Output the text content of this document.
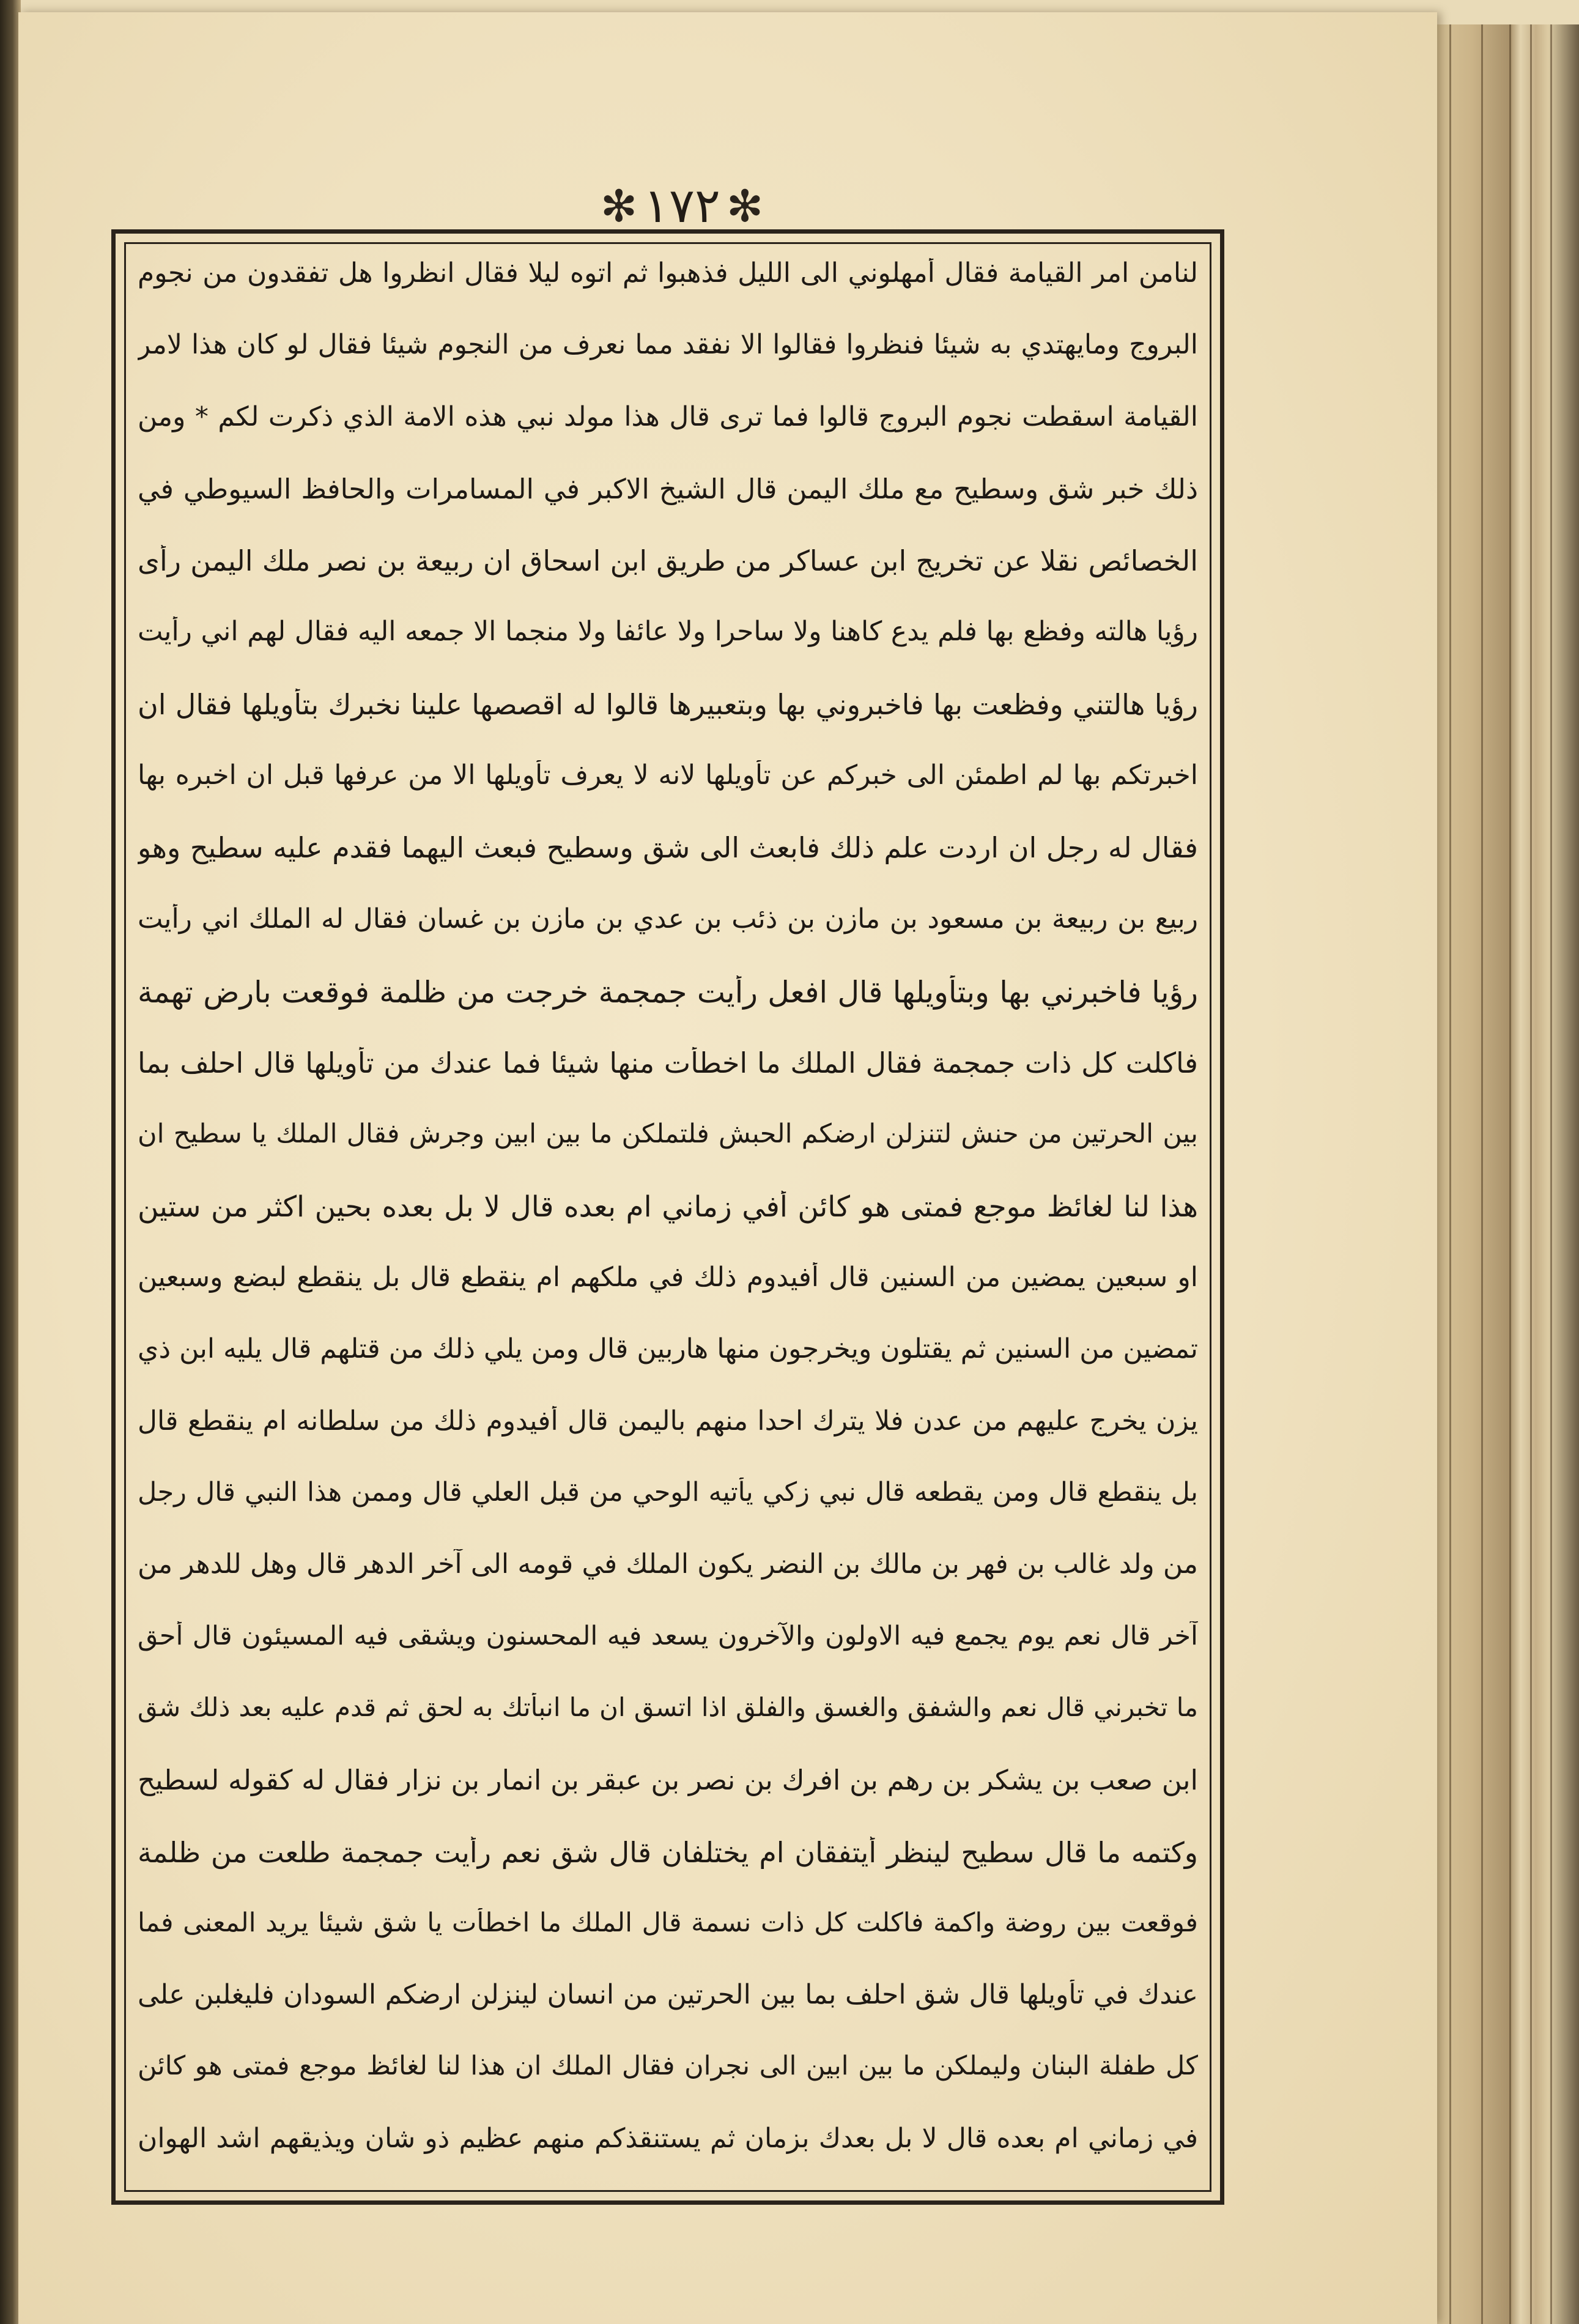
✻
١٧٢
✻
لنامن امر القيامة فقال أمهلوني الى الليل فذهبوا ثم اتوه ليلا فقال انظروا هل تفقدون من نجوم
البروج ومايهتدي به شيئا فنظروا فقالوا الا نفقد مما نعرف من النجوم شيئا فقال لو كان هذا لامر
القيامة اسقطت نجوم البروج قالوا فما ترى قال هذا مولد نبي هذه الامة الذي ذكرت لكم * ومن
ذلك خبر شق وسطيح مع ملك اليمن قال الشيخ الاكبر في المسامرات والحافظ السيوطي في
الخصائص نقلا عن تخريج ابن عساكر من طريق ابن اسحاق ان ربيعة بن نصر ملك اليمن رأى
رؤيا هالته وفظع بها فلم يدع كاهنا ولا ساحرا ولا عائفا ولا منجما الا جمعه اليه فقال لهم اني رأيت
رؤيا هالتني وفظعت بها فاخبروني بها وبتعبيرها قالوا له اقصصها علينا نخبرك بتأويلها فقال ان
اخبرتكم بها لم اطمئن الى خبركم عن تأويلها لانه لا يعرف تأويلها الا من عرفها قبل ان اخبره بها
فقال له رجل ان اردت علم ذلك فابعث الى شق وسطيح فبعث اليهما فقدم عليه سطيح وهو
ربيع بن ربيعة بن مسعود بن مازن بن ذئب بن عدي بن مازن بن غسان فقال له الملك اني رأيت
رؤيا فاخبرني بها وبتأويلها قال افعل رأيت جمجمة خرجت من ظلمة فوقعت بارض تهمة
فاكلت كل ذات جمجمة فقال الملك ما اخطأت منها شيئا فما عندك من تأويلها قال احلف بما
بين الحرتين من حنش لتنزلن ارضكم الحبش فلتملكن ما بين ابين وجرش فقال الملك يا سطيح ان
هذا لنا لغائظ موجع فمتى هو كائن أفي زماني ام بعده قال لا بل بعده بحين اكثر من ستين
او سبعين يمضين من السنين قال أفيدوم ذلك في ملكهم ام ينقطع قال بل ينقطع لبضع وسبعين
تمضين من السنين ثم يقتلون ويخرجون منها هاربين قال ومن يلي ذلك من قتلهم قال يليه ابن ذي
يزن يخرج عليهم من عدن فلا يترك احدا منهم باليمن قال أفيدوم ذلك من سلطانه ام ينقطع قال
بل ينقطع قال ومن يقطعه قال نبي زكي يأتيه الوحي من قبل العلي قال وممن هذا النبي قال رجل
من ولد غالب بن فهر بن مالك بن النضر يكون الملك في قومه الى آخر الدهر قال وهل للدهر من
آخر قال نعم يوم يجمع فيه الاولون والآخرون يسعد فيه المحسنون ويشقى فيه المسيئون قال أحق
ما تخبرني قال نعم والشفق والغسق والفلق اذا اتسق ان ما انبأتك به لحق ثم قدم عليه بعد ذلك شق
ابن صعب بن يشكر بن رهم بن افرك بن نصر بن عبقر بن انمار بن نزار فقال له كقوله لسطيح
وكتمه ما قال سطيح لينظر أيتفقان ام يختلفان قال شق نعم رأيت جمجمة طلعت من ظلمة
فوقعت بين روضة واكمة فاكلت كل ذات نسمة قال الملك ما اخطأت يا شق شيئا يريد المعنى فما
عندك في تأويلها قال شق احلف بما بين الحرتين من انسان لينزلن ارضكم السودان فليغلبن على
كل طفلة البنان وليملكن ما بين ابين الى نجران فقال الملك ان هذا لنا لغائظ موجع فمتى هو كائن
في زماني ام بعده قال لا بل بعدك بزمان ثم يستنقذكم منهم عظيم ذو شان ويذيقهم اشد الهوان
